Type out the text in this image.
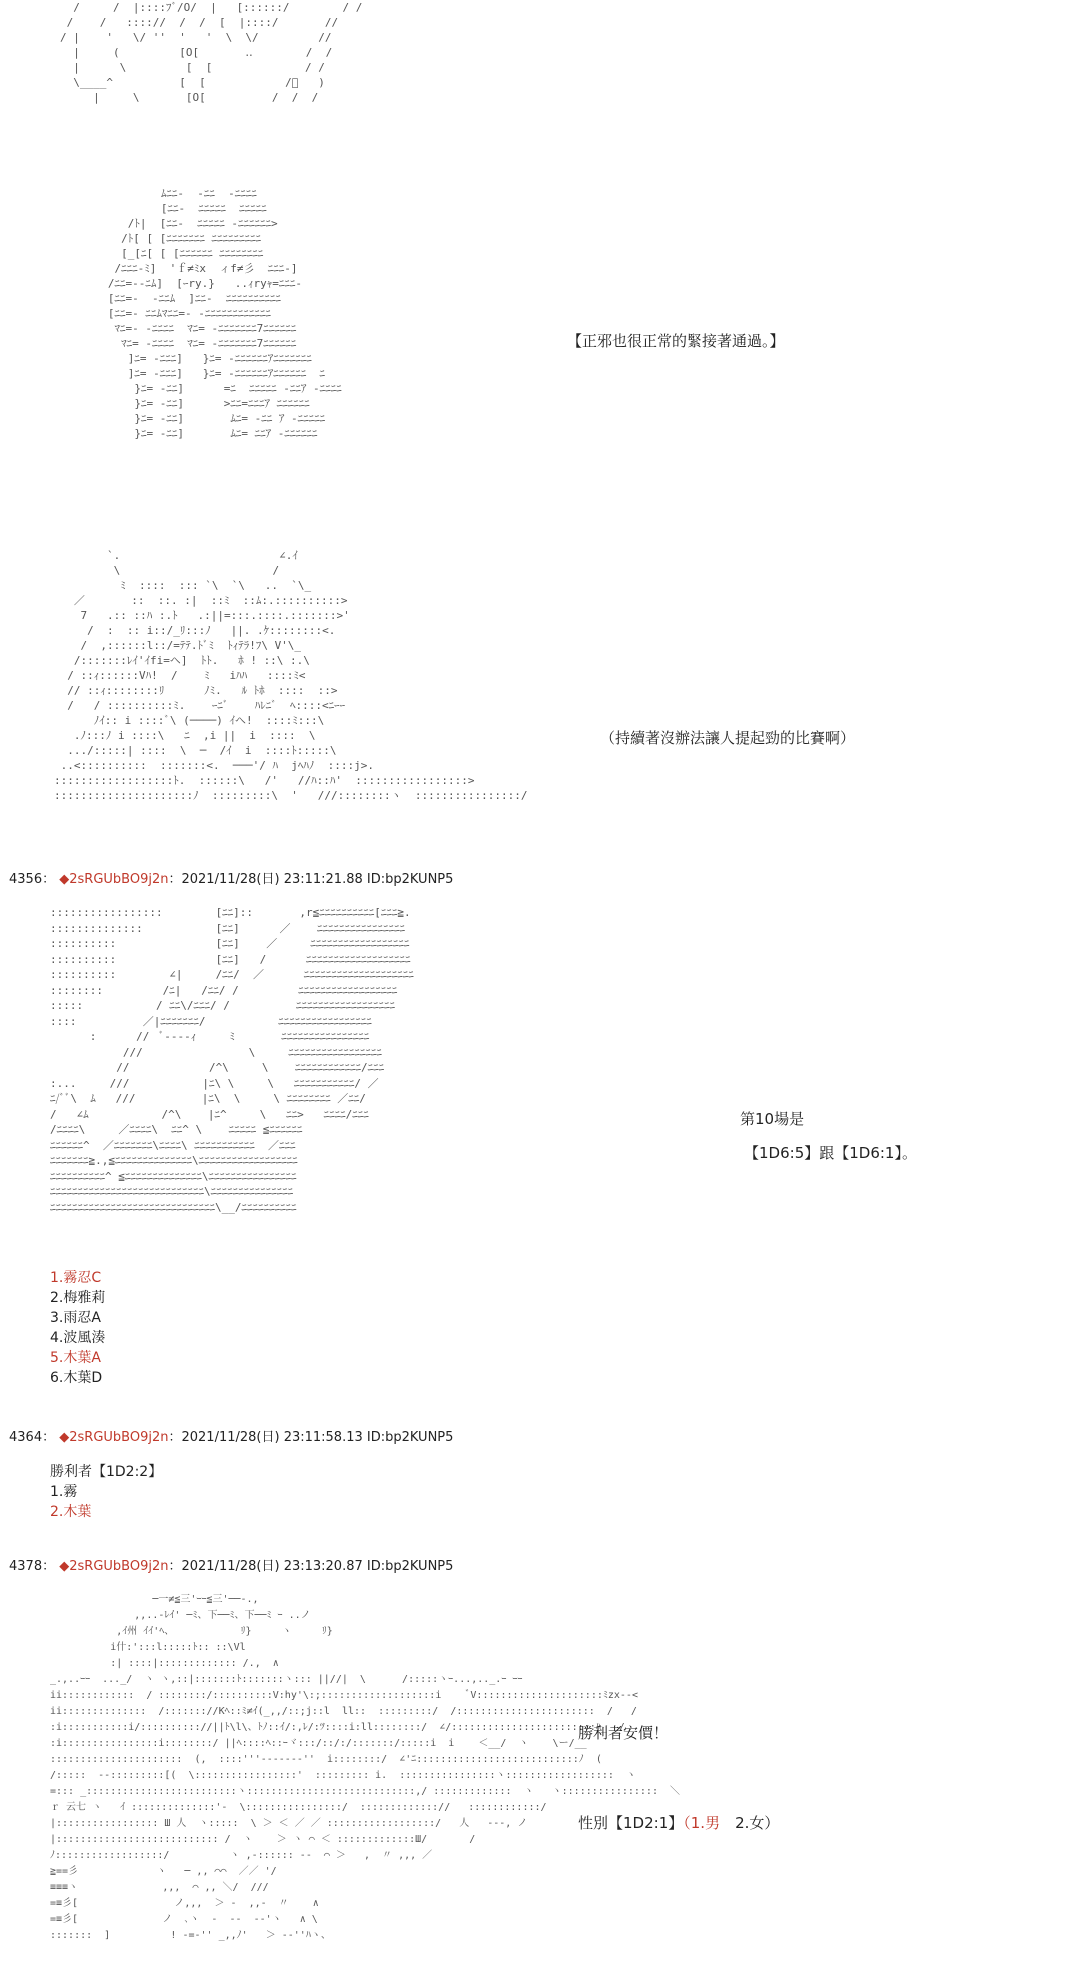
/     /  |::::ﾌﾞ/O/  |   [::::::/        / /
/    /   :::://  /  /  [  |::::/       //
/ |    '   \/ ''  '   '  \  \/         //
|     (         [O[       ‥        /  /
|      \         [  [              / /
\____^          [  [            /ﾞ   )
|     \       [O[          /  /  /
ﾑﾆﾆ-  -ﾆﾆ  -ﾆﾆﾆﾆ
[ﾆﾆ-  ﾆﾆﾆﾆﾆ  ﾆﾆﾆﾆﾆ
/ﾄ|  [ﾆﾆ-  ﾆﾆﾆﾆﾆ -ﾆﾆﾆﾆﾆﾆ>
/ﾄ[ [ [ﾆﾆﾆﾆﾆﾆﾆ ﾆﾆﾆﾆﾆﾆﾆﾆﾆ
[_[ﾆ[ [ [ﾆﾆﾆﾆﾆﾆ ﾆﾆﾆﾆﾆﾆﾆﾆ
/ﾆﾆﾆ-ﾐ]  'ｆ≠ﾐx  ィf≠彡  ﾆﾆﾆ-]
/ﾆﾆ=--ﾆﾑ]  [ｰry.}   ..ｨryｬ=ﾆﾆﾆ-
[ﾆﾆ=-  -ﾆﾆﾑ  ]ﾆﾆ-  ﾆﾆﾆﾆﾆﾆﾆﾆﾆﾆ
[ﾆﾆ=- ﾆﾆﾑﾏﾆﾆ=- -ﾆﾆﾆﾆﾆﾆﾆﾆﾆﾆﾆﾆ
ﾏﾆ=- -ﾆﾆﾆﾆ  ﾏﾆ= -ﾆﾆﾆﾆﾆﾆﾆ7ﾆﾆﾆﾆﾆﾆ
ﾏﾆ= -ﾆﾆﾆﾆ  ﾏﾆ= -ﾆﾆﾆﾆﾆﾆﾆ7ﾆﾆﾆﾆﾆﾆ
]ﾆ= -ﾆﾆﾆ]   }ﾆ= -ﾆﾆﾆﾆﾆﾆｱﾆﾆﾆﾆﾆﾆﾆ
]ﾆ= -ﾆﾆﾆ]   }ﾆ= -ﾆﾆﾆﾆﾆﾆｱﾆﾆﾆﾆﾆﾆ  ﾆ
}ﾆ= -ﾆﾆ]      =ﾆ  ﾆﾆﾆﾆﾆ -ﾆﾆｱ -ﾆﾆﾆﾆ
}ﾆ= -ﾆﾆ]      >ﾆﾆ=ﾆﾆﾆｱ ﾆﾆﾆﾆﾆﾆ
}ﾆ= -ﾆﾆ]       ﾑﾆ= -ﾆﾆ ｱ -ﾆﾆﾆﾆﾆ
}ﾆ= -ﾆﾆ]       ﾑﾆ= ﾆﾆｱ -ﾆﾆﾆﾆﾆﾆ
【正邪也很正常的緊接著通過。】
`.                        ∠.ｲ
\                       /
ﾐ  ::::  ::: `\  `\   ..  `\_
／       ::  ::. :|  ::ﾐ  ::ﾑ:.::::::::::>
7   .:: ::ﾊ :.ﾄ   .:||=:::.::::.:::::::>'
/  :  :: i::/_ﾘ:::ﾉ   ||. .ｹ::::::::<.
/  ,::::::l::/=ﾃﾃ.ﾄﾞﾐ  ﾄｨﾃﾗ!ﾌ\ V'\_
/:::::::ﾚｲ'ｲfi=ヘ]  ﾄﾄ.   ﾎ ! ::\ :.\
/ ::ｨ::::::Vﾊ!  /    ﾐ   iﾊﾊ   ::::ﾐ<
// ::ｨ::::::::ﾘ      ﾉﾐ.   ﾙ ﾄﾎ  ::::  ::>
/   / ::::::::::ﾐ.    ｰﾆﾞ    ﾊﾚﾆﾞ  ﾍ::::<ﾆｰｰ
ﾉｲ:: i ::::ﾞ\ (────) ｲヘ!  ::::ﾐ:::\
.ﾉ:::ﾉ i ::::\   ﾆ  ,i ||  i  ::::  \
.../:::::| ::::  \  ─  /ｲ  i  ::::ﾄ:::::\
..<::::::::::  :::::::<.  ───'/ ﾊ  jﾍﾊﾉ  ::::j>.
::::::::::::::::::ﾄ.  ::::::\   /'   //ﾊ::ﾊ'  :::::::::::::::::>
:::::::::::::::::::::ﾉ  :::::::::\  '   ///::::::::ヽ  ::::::::::::::::/
（持續著沒辦法讓人提起勁的比賽啊）
4356： ◆2sRGUbBO9j2n：2021/11/28(日) 23:11:21.88 ID:bp2KUNP5
:::::::::::::::::        [ﾆﾆ]::       ,r≦ﾆﾆﾆﾆﾆﾆﾆﾆﾆﾆ[ﾆﾆﾆ≧.
::::::::::::::           [ﾆﾆ]      ／    ﾆﾆﾆﾆﾆﾆﾆﾆﾆﾆﾆﾆﾆﾆﾆﾆ
::::::::::               [ﾆﾆ]    ／     ﾆﾆﾆﾆﾆﾆﾆﾆﾆﾆﾆﾆﾆﾆﾆﾆﾆﾆ
::::::::::               [ﾆﾆ]   /      ﾆﾆﾆﾆﾆﾆﾆﾆﾆﾆﾆﾆﾆﾆﾆﾆﾆﾆﾆ
::::::::::        ∠|     /ﾆﾆ/  ／      ﾆﾆﾆﾆﾆﾆﾆﾆﾆﾆﾆﾆﾆﾆﾆﾆﾆﾆﾆﾆ
::::::::         /ﾆ|   /ﾆﾆ/ /         ﾆﾆﾆﾆﾆﾆﾆﾆﾆﾆﾆﾆﾆﾆﾆﾆﾆﾆ
:::::           / ﾆﾆ\/ﾆﾆﾆ/ /          ﾆﾆﾆﾆﾆﾆﾆﾆﾆﾆﾆﾆﾆﾆﾆﾆﾆﾆ
::::          ／|ﾆﾆﾆﾆﾆﾆﾆ/           ﾆﾆﾆﾆﾆﾆﾆﾆﾆﾆﾆﾆﾆﾆﾆﾆﾆ
:      //  ﾞ----ｨ     ﾐ       ﾆﾆﾆﾆﾆﾆﾆﾆﾆﾆﾆﾆﾆﾆﾆﾆ
///                \     ﾆﾆﾆﾆﾆﾆﾆﾆﾆﾆﾆﾆﾆﾆﾆﾆﾆ
//            /^\     \    ﾆﾆﾆﾆﾆﾆﾆﾆﾆﾆﾆﾆ/ﾆﾆﾆ
:...     ///           |ﾆ\ \     \   ﾆﾆﾆﾆﾆﾆﾆﾆﾆﾆﾆ/ ／
ﾆ/ﾞﾞ\  ﾑ   ///          |ﾆ\  \     \ ﾆﾆﾆﾆﾆﾆﾆﾆ ／ﾆﾆ/
/   ∠ﾑ           /^\    |ﾆ^     \   ﾆﾆ>   ﾆﾆﾆﾆ/ﾆﾆﾆ
/ﾆﾆﾆﾆ\     ／ﾆﾆﾆﾆ\  ﾆﾆ^ \    ﾆﾆﾆﾆﾆ ≦ﾆﾆﾆﾆﾆﾆ
ﾆﾆﾆﾆﾆﾆ^  ／ﾆﾆﾆﾆﾆﾆﾆ\ﾆﾆﾆﾆ\ ﾆﾆﾆﾆﾆﾆﾆﾆﾆﾆﾆ  ／ﾆﾆﾆ
ﾆﾆﾆﾆﾆﾆﾆ≧.,≦ﾆﾆﾆﾆﾆﾆﾆﾆﾆﾆﾆﾆﾆﾆ\ﾆﾆﾆﾆﾆﾆﾆﾆﾆﾆﾆﾆﾆﾆﾆﾆﾆﾆ
ﾆﾆﾆﾆﾆﾆﾆﾆﾆﾆ^ ≦ﾆﾆﾆﾆﾆﾆﾆﾆﾆﾆﾆﾆﾆﾆ\ﾆﾆﾆﾆﾆﾆﾆﾆﾆﾆﾆﾆﾆﾆﾆﾆ
ﾆﾆﾆﾆﾆﾆﾆﾆﾆﾆﾆﾆﾆﾆﾆﾆﾆﾆﾆﾆﾆﾆﾆﾆﾆﾆﾆﾆ\ﾆﾆﾆﾆﾆﾆﾆﾆﾆﾆﾆﾆﾆﾆﾆ
ﾆﾆﾆﾆﾆﾆﾆﾆﾆﾆﾆﾆﾆﾆﾆﾆﾆﾆﾆﾆﾆﾆﾆﾆﾆﾆﾆﾆﾆﾆ\__/ﾆﾆﾆﾆﾆﾆﾆﾆﾆﾆ
第10場是
【1D6:5】跟【1D6:1】。
1.霧忍C
2.梅雅莉
3.雨忍A
4.波風湊
5.木葉A
6.木葉D
4364： ◆2sRGUbBO9j2n：2021/11/28(日) 23:11:58.13 ID:bp2KUNP5
勝利者【1D2:2】
1.霧
2.木葉
4378： ◆2sRGUbBO9j2n：2021/11/28(日) 23:13:20.87 ID:bp2KUNP5
─一≠≦三'ｰｰ≦三'──-.,
,,..-ﾚｲ' ─ﾐ、下──ﾐ、下──ﾐ ｰ ..ノ
,ｲ州 ｲｲ'ﾍ、           ﾘ}     ヽ     ﾘ}
i什:':::l:::::ﾄ:: ::\Vl
:| ::::|::::::::::::: /.,  ∧
_.,..ｰｰ  ..._/  ヽ ヽ,::|:::::::ﾄ:::::::ヽ::: ||//|  \      /:::::ヽｰ...,.._.ｰ ｰｰ
ii::::::::::::  / ::::::::/::::::::::V:hy'\:;:::::::::::::::::::i    ﾞV:::::::::::::::::::::ﾐzx--<
ii::::::::::::::  /::::::://Kﾍ::ﾐ≠ｲ(_,,/::;j::l  ll::  :::::::::/  /:::::::::::::::::::::::  /   /
:i:::::::::::i/:::::::::://||ﾄ\l\、ﾄﾉ::ｲ/:,ﾚ/:ﾂ::::i:ll::::::::/  ∠/::::::::::::::::::::::::ﾊ_ _/
:i::::::::::::::::i::::::::/ ||ﾍ::::ﾍ::ｰヾ:::/::/:/:::::::/:::::i  i    ＜__/  ヽ    \ー/__
::::::::::::::::::::::  (,  ::::'''-------''  i::::::::/  ∠'ﾆ:::::::::::::::::::::::::::ﾉ  (
/:::::  --:::::::::[(  \:::::::::::::::::'  ::::::::: i.  ::::::::::::::::ヽ::::::::::::::::::  ヽ
=::: _:::::::::::::::::::::::::ヽ::::::::::::::::::::::::::::,/ :::::::::::::  ヽ   ヽ::::::::::::::::  ＼
ｒ 云七 ヽ   ｲ ::::::::::::::'-  \::::::::::::::::/  ::::::::::::://   ::::::::::::/
|::::::::::::::::: Ш 人  ヽ:::::  \ ＞ ＜ ／ ／ ::::::::::::::::::/   人   ---, ノ
|::::::::::::::::::::::::::: /  ヽ    ＞ ヽ ⌒ ＜ :::::::::::::Ш/       /
ﾉ::::::::::::::::::/          ヽ ,‐:::::: ‐‐  ⌒ ＞   ,  〃 ,,, ／
≧==彡             ヽ   ─ ,, ⌒⌒  ／／ '/
≡≡≡ヽ              ,,,  ⌒ ,, ＼/  ///
=≡彡[                ノ,,,  ＞ ‐  ,,‐  〃    ∧
=≡彡[              ノ  ､ヽ  ‐  ‐‐  ‐‐'ヽ   ∧ \
:::::::  ]          ! ‐=‐'' _,,ﾉ'   ＞ ‐‐''ﾊヽ、
勝利者安價！
性別【1D2:1】（1.男　2.女）
